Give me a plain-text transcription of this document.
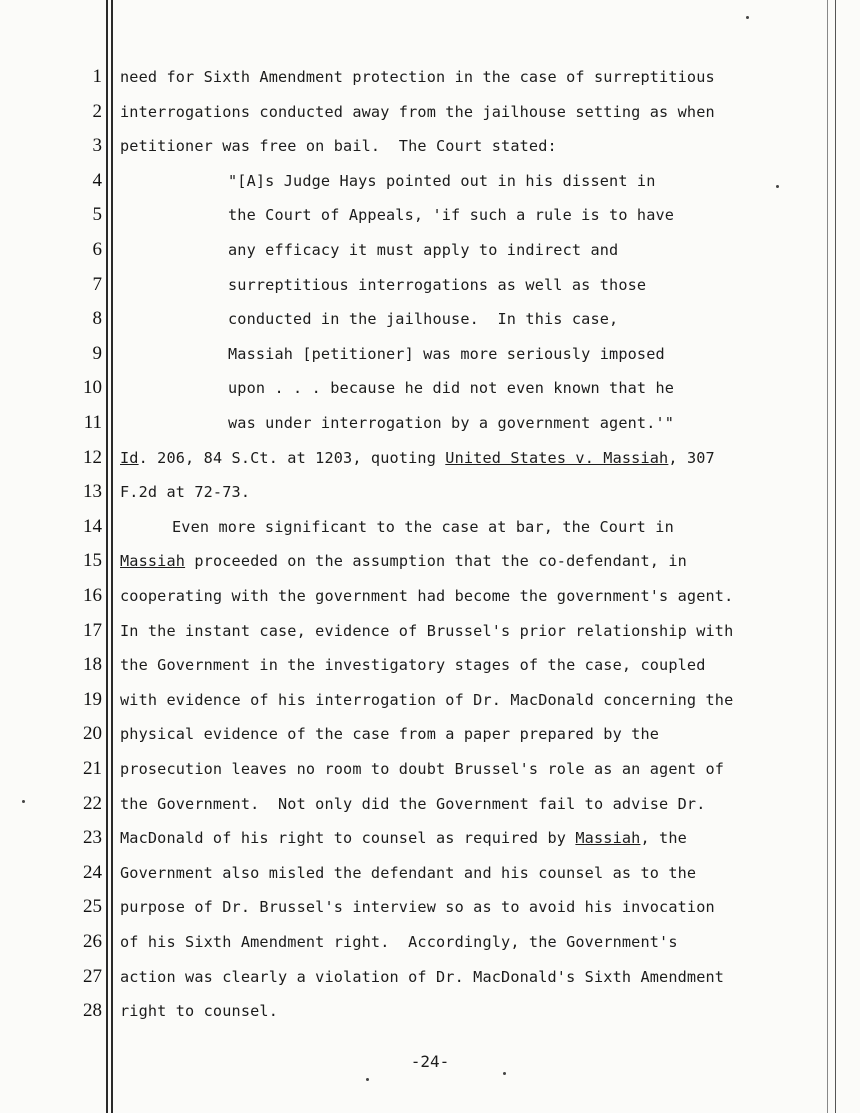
1 need for Sixth Amendment protection in the case of surreptitious
2 interrogations conducted away from the jailhouse setting as when
3 petitioner was free on bail.  The Court stated:
4	"[A]s Judge Hays pointed out in his dissent in
5	the Court of Appeals, 'if such a rule is to have
6	any efficacy it must apply to indirect and
7	surreptitious interrogations as well as those
8	conducted in the jailhouse.  In this case,
9	Massiah [petitioner] was more seriously imposed
10	upon . . . because he did not even known that he
11	was under interrogation by a government agent.'"
12 Id. 206, 84 S.Ct. at 1203, quoting United States v. Massiah, 307
13 F.2d at 72-73.
14	Even more significant to the case at bar, the Court in
15 Massiah proceeded on the assumption that the co-defendant, in
16 cooperating with the government had become the government's agent.
17 In the instant case, evidence of Brussel's prior relationship with
18 the Government in the investigatory stages of the case, coupled
19 with evidence of his interrogation of Dr. MacDonald concerning the
20 physical evidence of the case from a paper prepared by the
21 prosecution leaves no room to doubt Brussel's role as an agent of
22 the Government.  Not only did the Government fail to advise Dr.
23 MacDonald of his right to counsel as required by Massiah, the
24 Government also misled the defendant and his counsel as to the
25 purpose of Dr. Brussel's interview so as to avoid his invocation
26 of his Sixth Amendment right.  Accordingly, the Government's
27 action was clearly a violation of Dr. MacDonald's Sixth Amendment
28 right to counsel.
-24-
